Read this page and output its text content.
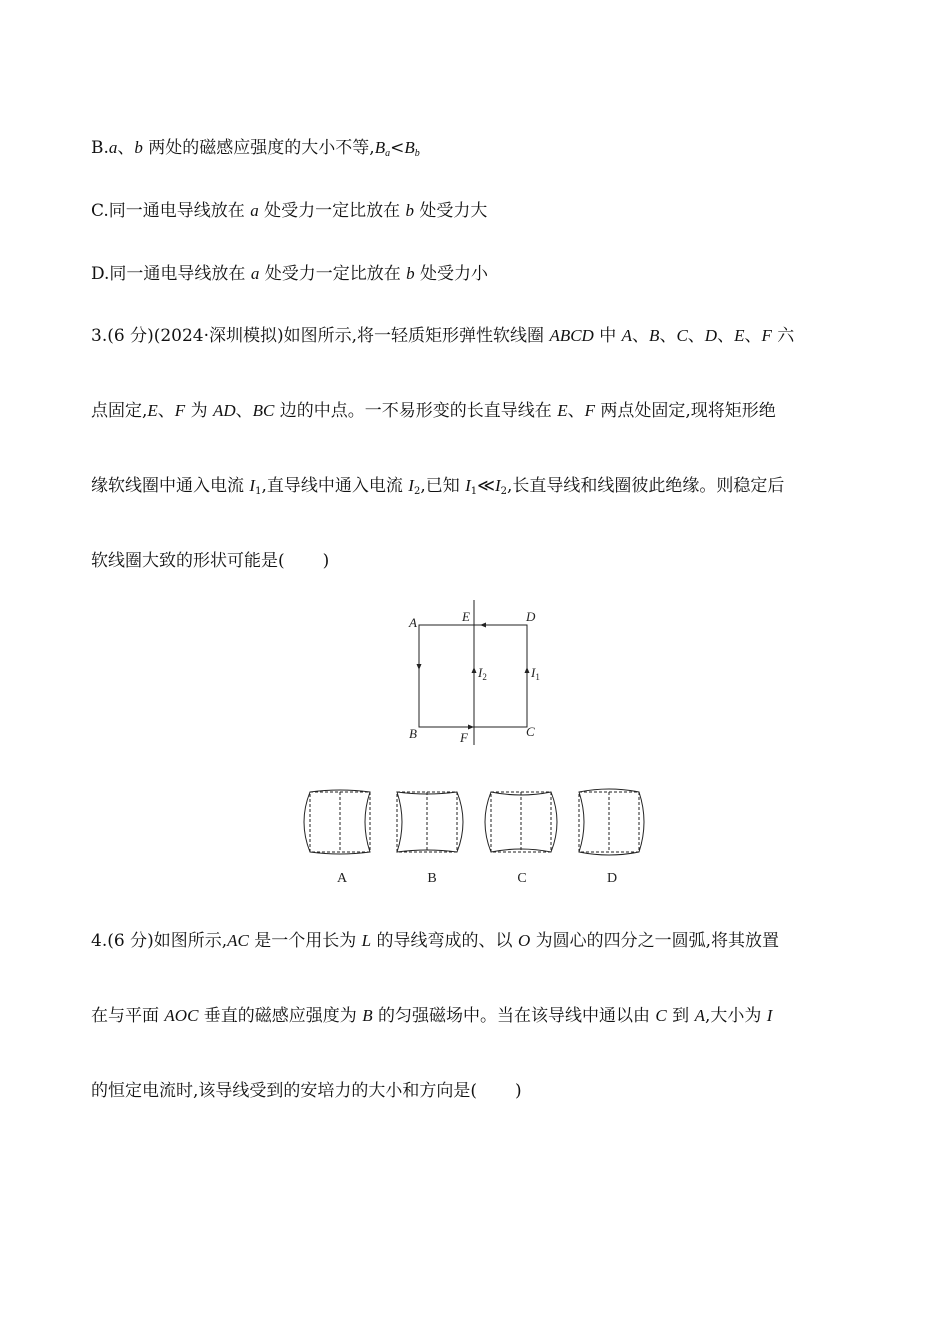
B.a、b 两处的磁感应强度的大小不等$,B_a<B_b$
C.同一通电导线放在 a 处受力一定比放在 b 处受力大
D.同一通电导线放在 a 处受力一定比放在 b 处受力小
3.(6 分)(2024·深圳模拟)如图所示,将一轻质矩形弹性软线圈 ABCD 中 A、B、C、D、E、F 六
点固定,E、F 为 AD、BC 边的中点。一不易形变的长直导线在 E、F 两点处固定,现将矩形绝
缘软线圈中通入电流 $I_1$,直导线中通入电流 $I_2$,已知 $I_1≪I_2$,长直导线和线圈彼此绝缘。则稳定后
软线圈大致的形状可能是( )
A	E	D
B	F	C
$I_2$	$I_1$
A	B	C	D
4.(6 分)如图所示,AC 是一个用长为 L 的导线弯成的、以 O 为圆心的四分之一圆弧,将其放置
在与平面 AOC 垂直的磁感应强度为 B 的匀强磁场中。当在该导线中通以由 C 到 A,大小为 I
的恒定电流时,该导线受到的安培力的大小和方向是( )
